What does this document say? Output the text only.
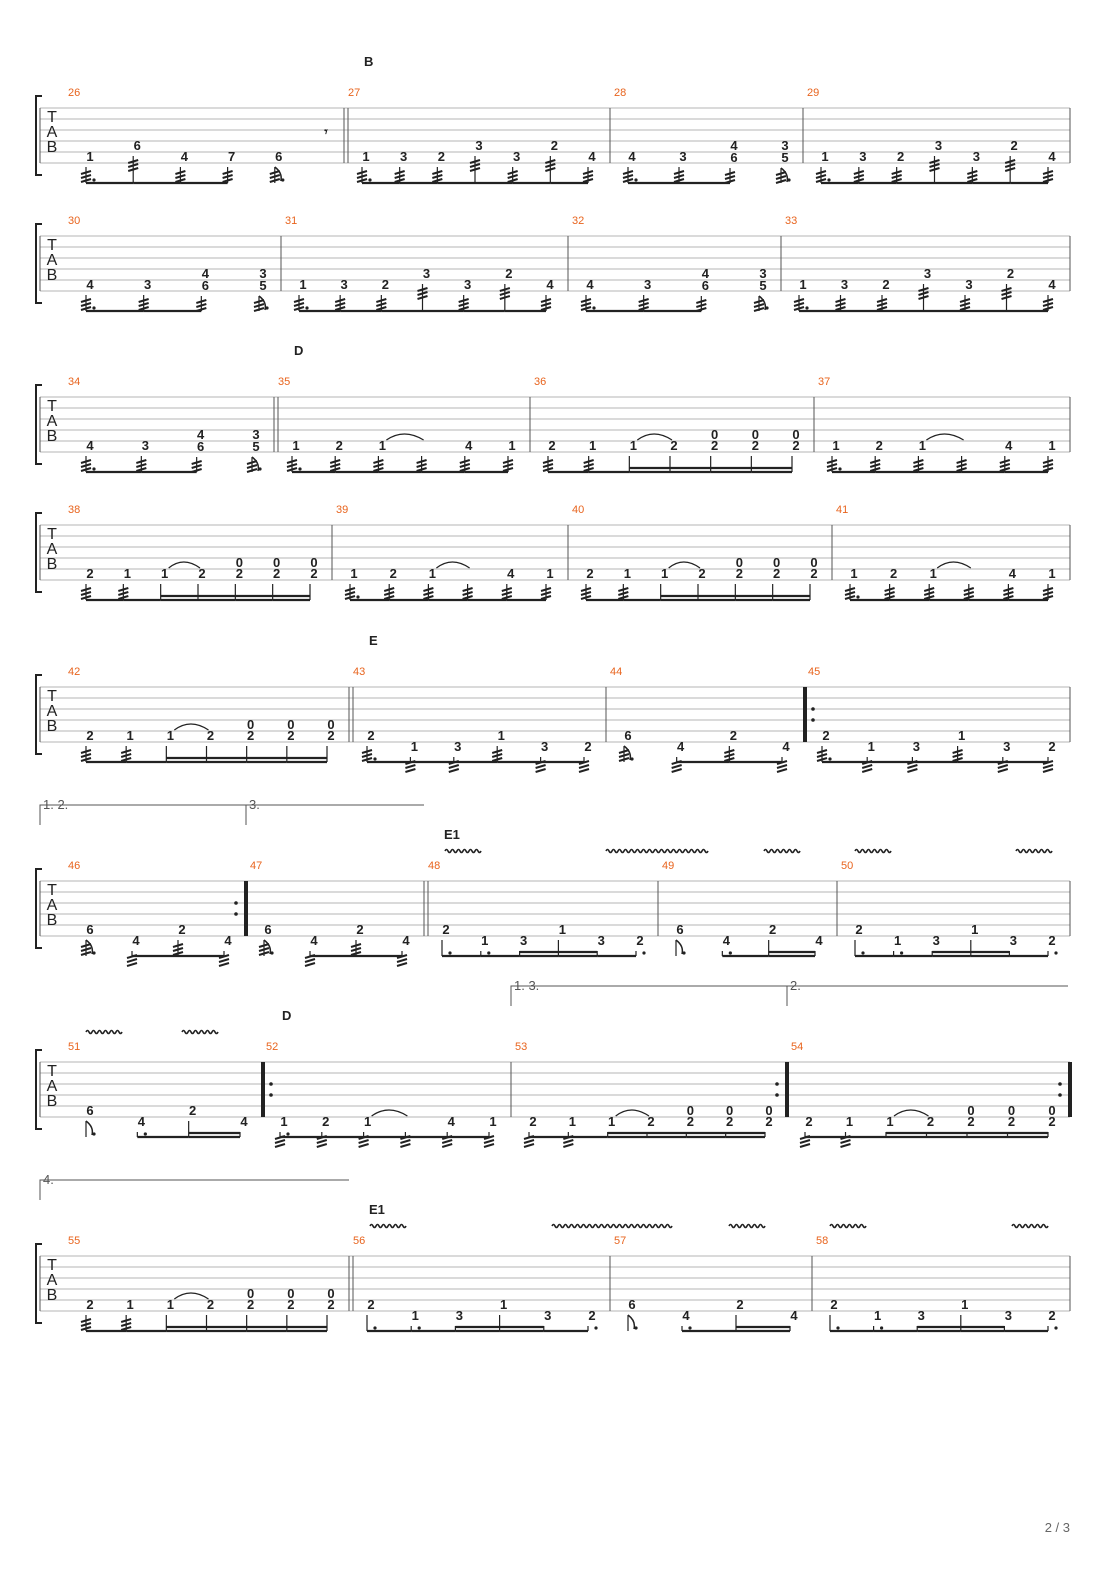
T
A
B
B
26
1
6
4	7	6
𝄾
27
1 3 2
3
3
2
4
28
4	3
4
6
3
5
29
1 3 2
3
3
2
4
T
A
B
30
4	3
4
6
3
5
31
1	3	2
3
3
2
4
32
4	3
4
6
3
5
33
1	3	2
3
3
2
4
T
A
B
D
34
4	3
4
6
3
5
35
1	2	1	4	1
36
2	1	1	2	2
0
2
0
2
0
37
1	2	1	4	1
T
A
B
38
2 1 1 2 2
0
2
0
2
0
39
1 2 1	4 1
40
2 1 1 2 2
0
2
0
2
0
41
1 2 1	4 1
T
A
B
E
42
2	1	1	2	2
0
2
0
2
0
43
2
1	3
1
3	2
44
6
4
2
4
45
2
1	3
1
3	2
T
A
B
E1
1. 2.	3.
46
6
4
2
4
47
6
4
2
4
48
2
1 3
1
3 2
49
6
4
2
4
50
2
1 3
1
3 2
T
A
B
D
1. 3.	2.
51
6
4
2
4
52
1	2	1	4	1
53
2 1 1 2 2
0
2
0
2
0
54
2	1	1	2	2
0
2
0
2
0
T
A
B
E1
4.
55
2	1	1	2	2
0
2
0
2
0
56
2
1	3
1
3	2
57
6
4
2
4
58
2
1	3
1
3	2
2 / 3
